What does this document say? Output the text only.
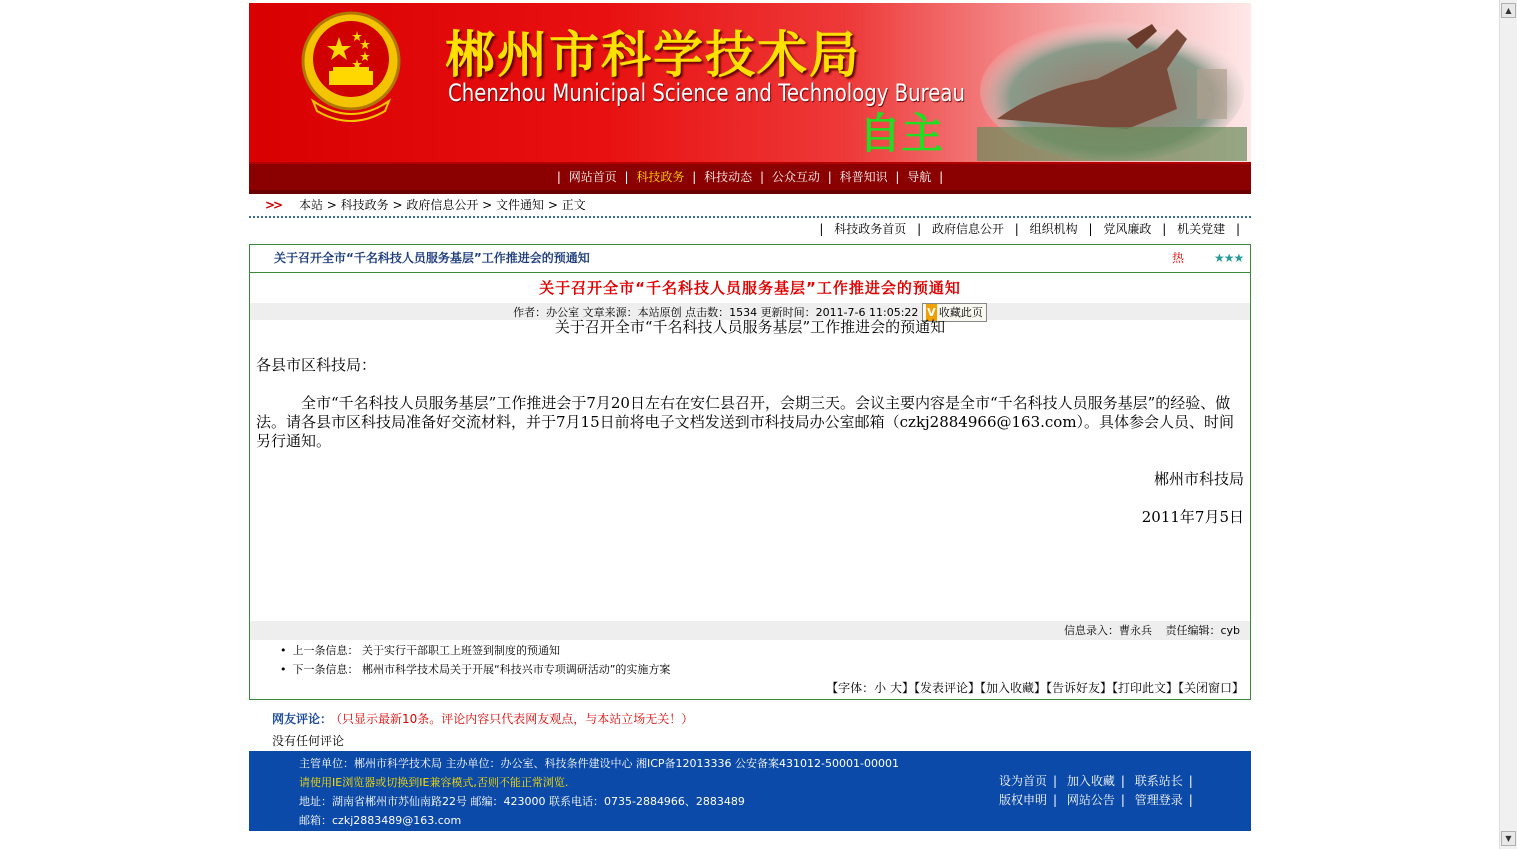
郴州市科学技术局
Chenzhou Municipal Science and Technology Bureau
自主
| 网站首页 | 科技政务 | 科技动态 | 公众互动 | 科普知识 | 导航 |
>> 本站 > 科技政务 > 政府信息公开 > 文件通知 > 正文
| 科技政务首页 | 政府信息公开 | 组织机构 | 党风廉政 | 机关党建 |
关于召开全市“千名科技人员服务基层”工作推进会的预通知	热 ★★★
关于召开全市“千名科技人员服务基层”工作推进会的预通知
作者：办公室 文章来源：本站原创 点击数：1534 更新时间：2011-7-6 11:05:22 V 收藏此页
关于召开全市“千名科技人员服务基层”工作推进会的预通知

各县市区科技局：

　　　全市“千名科技人员服务基层”工作推进会于7月20日左右在安仁县召开，会期三天。会议主要内容是全市“千名科技人员服务基层”的经验、做法。请各县市区科技局准备好交流材料，并于7月15日前将电子文档发送到市科技局办公室邮箱（czkj2884966@163.com）。具体参会人员、时间另行通知。

郴州市科技局

2011年7月5日

信息录入：曹永兵 责任编辑：cyb
• 上一条信息： 关于实行干部职工上班签到制度的预通知
• 下一条信息： 郴州市科学技术局关于开展“科技兴市专项调研活动”的实施方案
【字体：小 大】【发表评论】【加入收藏】【告诉好友】【打印此文】【关闭窗口】
网友评论： （只显示最新10条。评论内容只代表网友观点，与本站立场无关！）
没有任何评论
主管单位：郴州市科学技术局 主办单位：办公室、科技条件建设中心 湘ICP备12013336 公安备案431012-50001-00001
请使用IE浏览器或切换到IE兼容模式,否则不能正常浏览.
地址：湖南省郴州市苏仙南路22号 邮编：423000 联系电话：0735-2884966、2883489
邮箱：czkj2883489@163.com
设为首页 | 加入收藏 | 联系站长 |
版权申明 | 网站公告 | 管理登录 |
▲
▼
